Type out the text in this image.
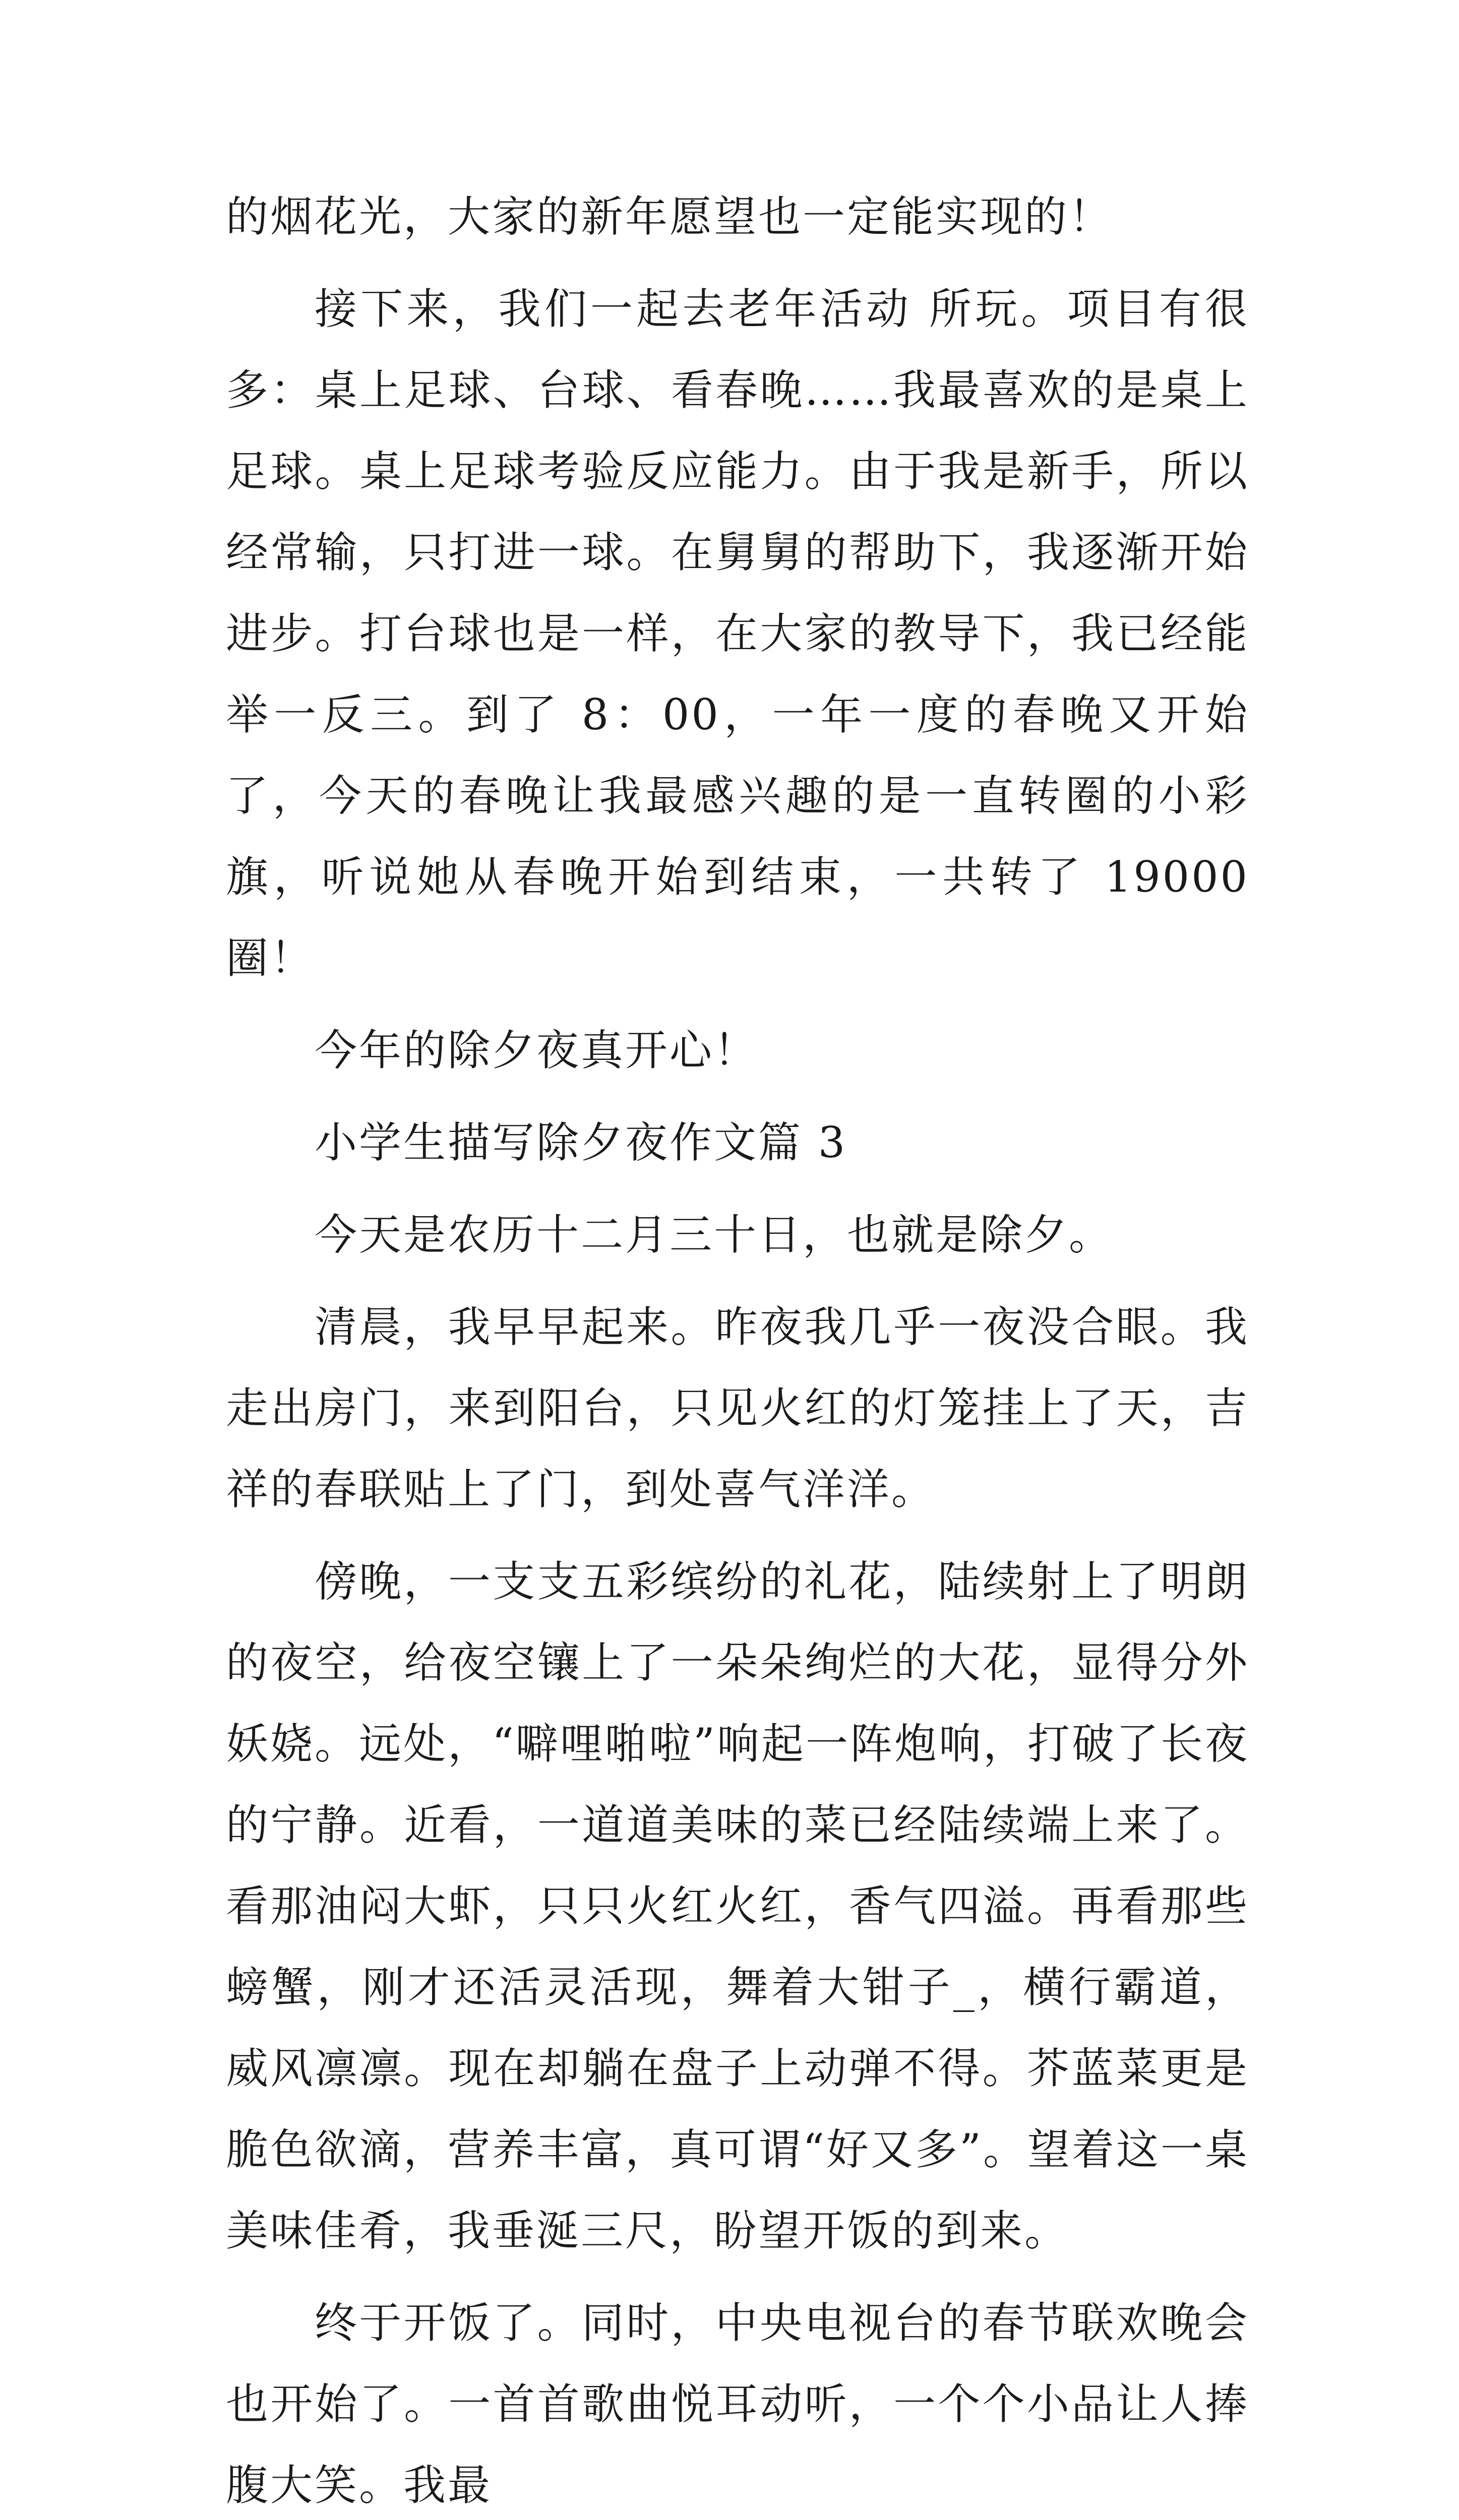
的烟花光，大家的新年愿望也一定能实现的！

接下来，我们一起去老年活动 所玩。项目有很多：桌上足球、台球、看春晚……我最喜欢的是桌上足球。桌上足球考验反应能力。由于我是新手，所以经常输，只打进一球。在舅舅的帮助下，我逐渐开始进步。打台球也是一样，在大家的教导下，我已经能举一反三。到了 8：00，一年一度的春晚又开始了，今天的春晚让我最感兴趣的是一直转圈的小彩旗，听说她从春晚开始到结束，一共转了 19000 圈！

今年的除夕夜真开心！

小学生描写除夕夜作文篇 3

今天是农历十二月三十日，也就是除夕。

清晨，我早早起来。昨夜我几乎一夜没合眼。我走出房门，来到阳台，只见火红的灯笼挂上了天，吉祥的春联贴上了门，到处喜气洋洋。

傍晚，一支支五彩缤纷的礼花，陆续射上了明朗的夜空，给夜空镶上了一朵朵绚烂的大花，显得分外妖娆。远处，“噼哩啪啦”响起一阵炮响，打破了长夜的宁静。近看，一道道美味的菜已经陆续端上来了。看那油闷大虾，只只火红火红，香气四溢。再看那些螃蟹，刚才还活灵活现，舞着大钳子_，横行霸道，威风凛凛。现在却躺在盘子上动弹不得。芥蓝菜更是脆色欲滴，营养丰富，真可谓“好又多”。望着这一桌美味佳肴，我垂涎三尺，盼望开饭的到来。

终于开饭了。同时，中央电视台的春节联欢晚会也开始了。一首首歌曲悦耳动听，一个个小品让人捧腹大笑。我最
